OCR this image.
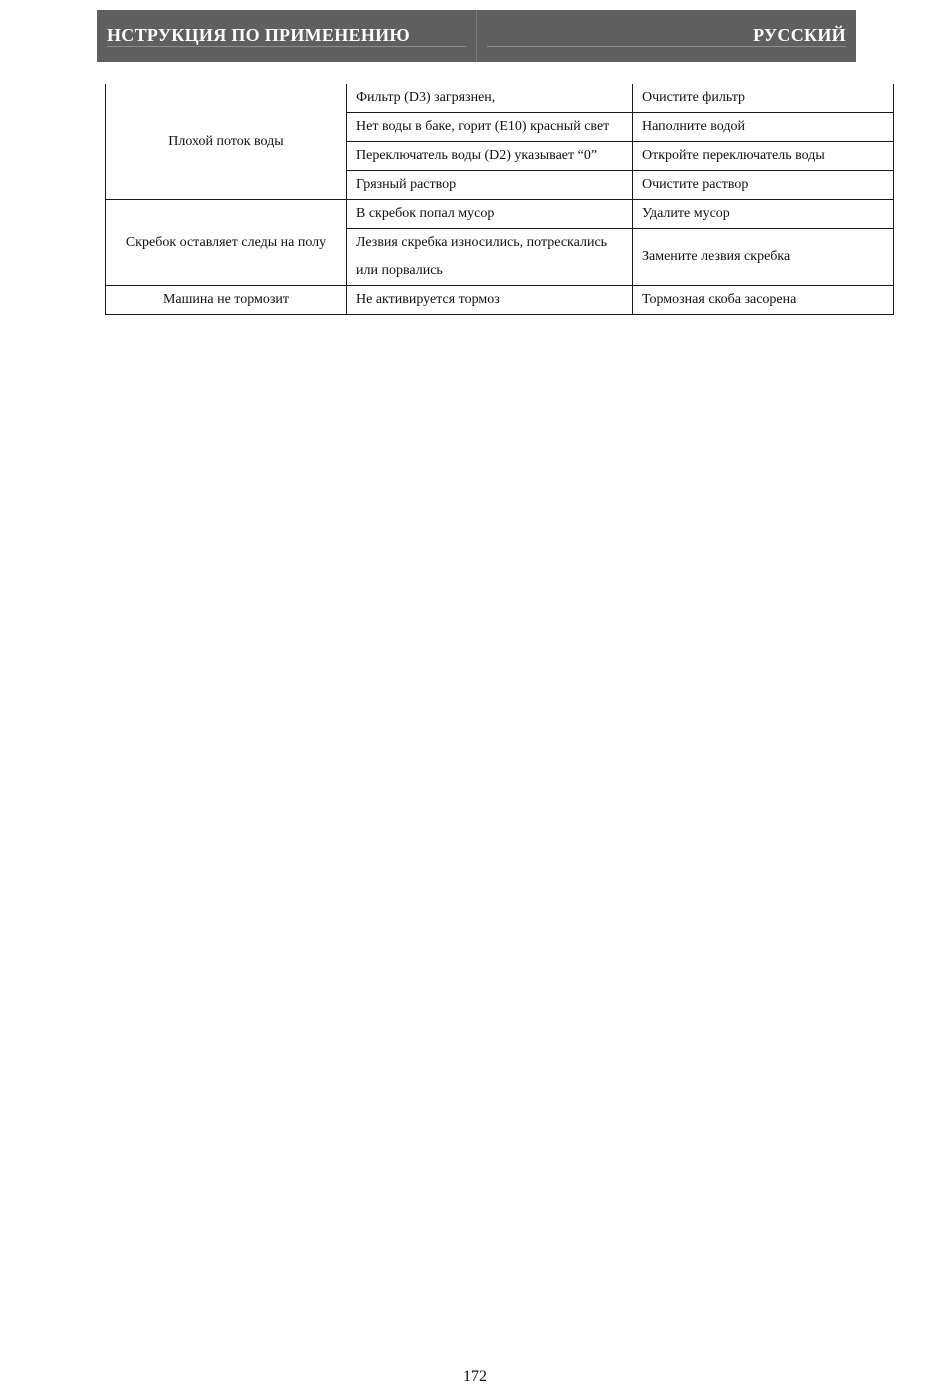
НСТРУКЦИЯ ПО ПРИМЕНЕНИЮ	РУССКИЙ
Плохой поток воды	Фильтр (D3) загрязнен,	Очистите фильтр
	Нет воды в баке, горит (E10) красный свет	Наполните водой
	Переключатель воды (D2) указывает “0”	Откройте переключатель воды
	Грязный раствор	Очистите раствор
Скребок оставляет следы на полу	В скребок попал мусор	Удалите мусор
	Лезвия скребка износились, потрескались или порвались	Замените лезвия скребка
Машина не тормозит	Не активируется тормоз	Тормозная скоба засорена
172
